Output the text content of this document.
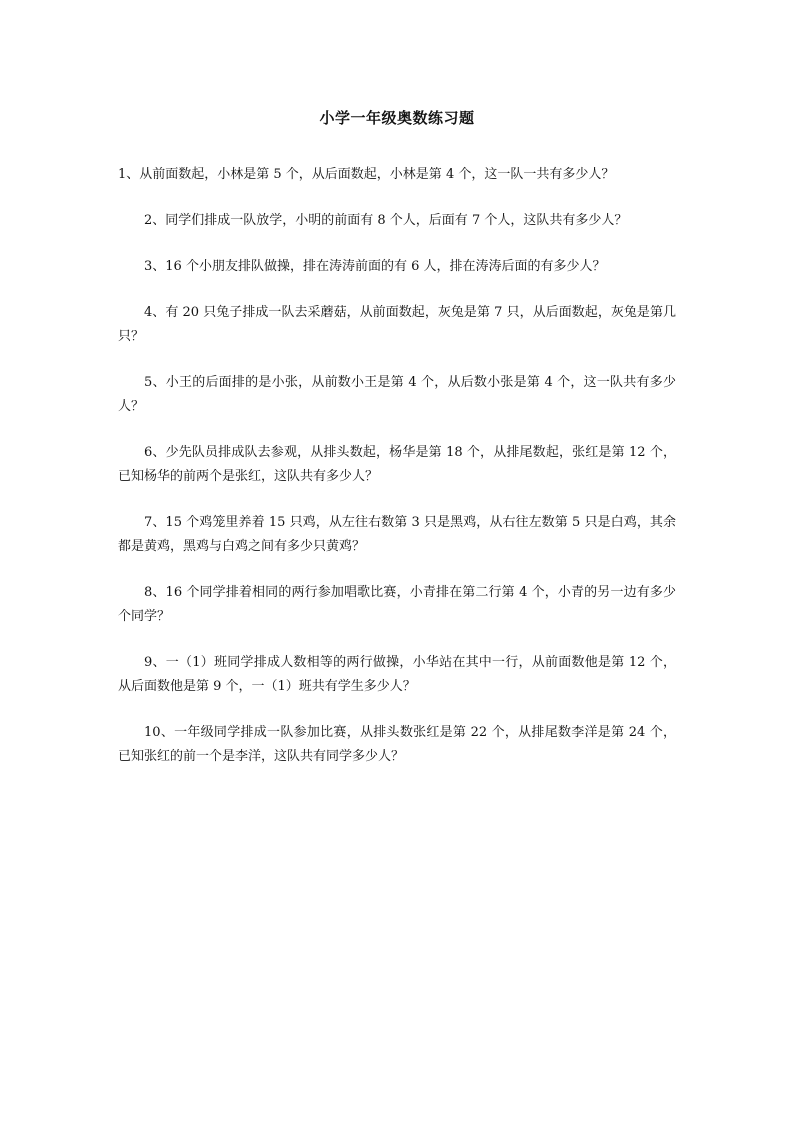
小学一年级奥数练习题

1、从前面数起，小林是第 5 个，从后面数起，小林是第 4 个，这一队一共有多少人？

2、同学们排成一队放学，小明的前面有 8 个人，后面有 7 个人，这队共有多少人？

3、16 个小朋友排队做操，排在涛涛前面的有 6 人，排在涛涛后面的有多少人？

4、有 20 只兔子排成一队去采蘑菇，从前面数起，灰兔是第 7 只，从后面数起，灰兔是第几只？

5、小王的后面排的是小张，从前数小王是第 4 个，从后数小张是第 4 个，这一队共有多少人？

6、少先队员排成队去参观，从排头数起，杨华是第 18 个，从排尾数起，张红是第 12 个，已知杨华的前两个是张红，这队共有多少人？

7、15 个鸡笼里养着 15 只鸡，从左往右数第 3 只是黑鸡，从右往左数第 5 只是白鸡，其余都是黄鸡，黑鸡与白鸡之间有多少只黄鸡？

8、16 个同学排着相同的两行参加唱歌比赛，小青排在第二行第 4 个，小青的另一边有多少个同学？

9、一（1）班同学排成人数相等的两行做操，小华站在其中一行，从前面数他是第 12 个，从后面数他是第 9 个，一（1）班共有学生多少人？

10、一年级同学排成一队参加比赛，从排头数张红是第 22 个，从排尾数李洋是第 24 个，已知张红的前一个是李洋，这队共有同学多少人？
